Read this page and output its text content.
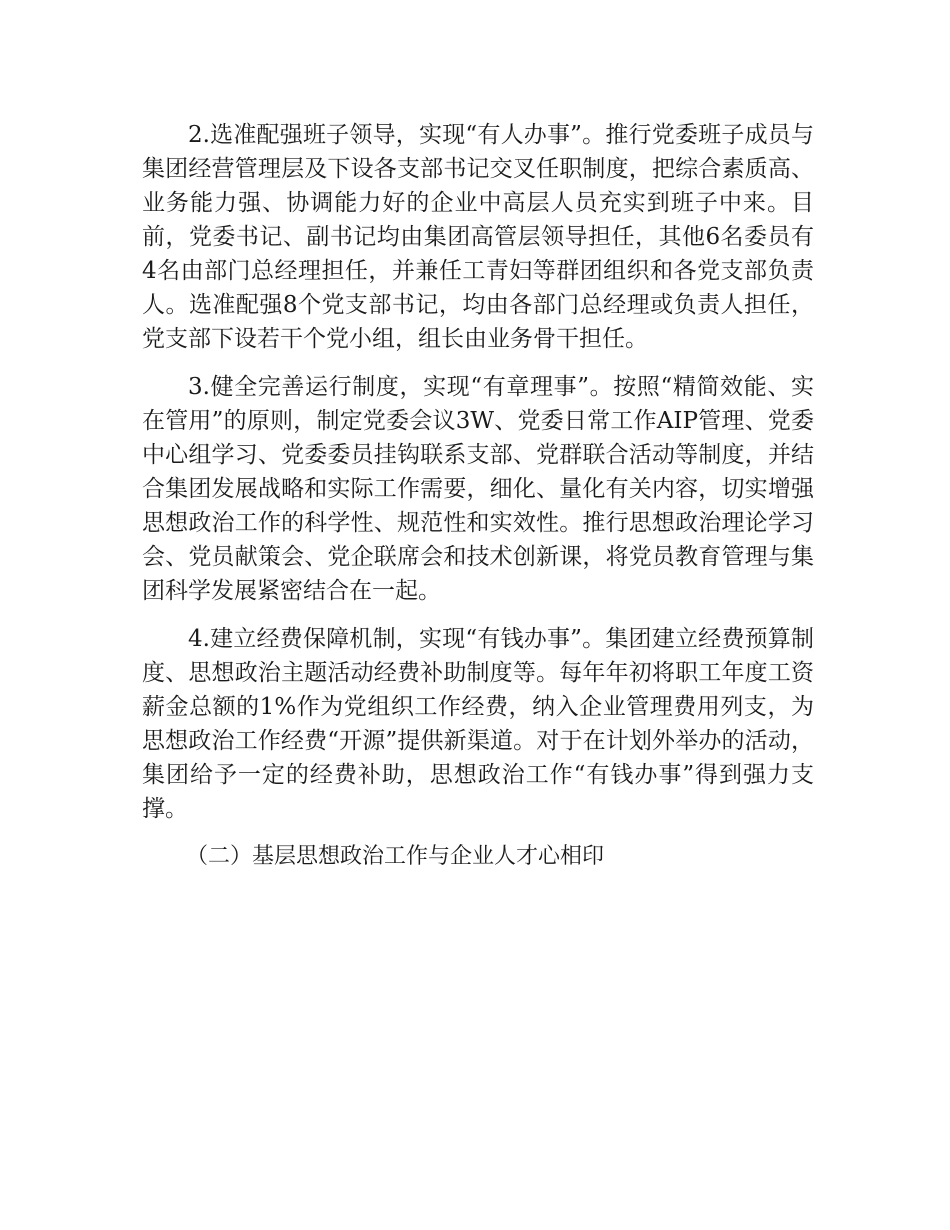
2.选准配强班子领导，实现“有人办事”。推行党委班子成员与集团经营管理层及下设各支部书记交叉任职制度，把综合素质高、业务能力强、协调能力好的企业中高层人员充实到班子中来。目前，党委书记、副书记均由集团高管层领导担任，其他6名委员有4名由部门总经理担任，并兼任工青妇等群团组织和各党支部负责人。选准配强8个党支部书记，均由各部门总经理或负责人担任，党支部下设若干个党小组，组长由业务骨干担任。

3.健全完善运行制度，实现“有章理事”。按照“精简效能、实在管用”的原则，制定党委会议3W、党委日常工作AIP管理、党委中心组学习、党委委员挂钩联系支部、党群联合活动等制度，并结合集团发展战略和实际工作需要，细化、量化有关内容，切实增强思想政治工作的科学性、规范性和实效性。推行思想政治理论学习会、党员献策会、党企联席会和技术创新课，将党员教育管理与集团科学发展紧密结合在一起。

4.建立经费保障机制，实现“有钱办事”。集团建立经费预算制度、思想政治主题活动经费补助制度等。每年年初将职工年度工资薪金总额的1%作为党组织工作经费，纳入企业管理费用列支，为思想政治工作经费“开源”提供新渠道。对于在计划外举办的活动，集团给予一定的经费补助，思想政治工作“有钱办事”得到强力支撑。

（二）基层思想政治工作与企业人才心相印
